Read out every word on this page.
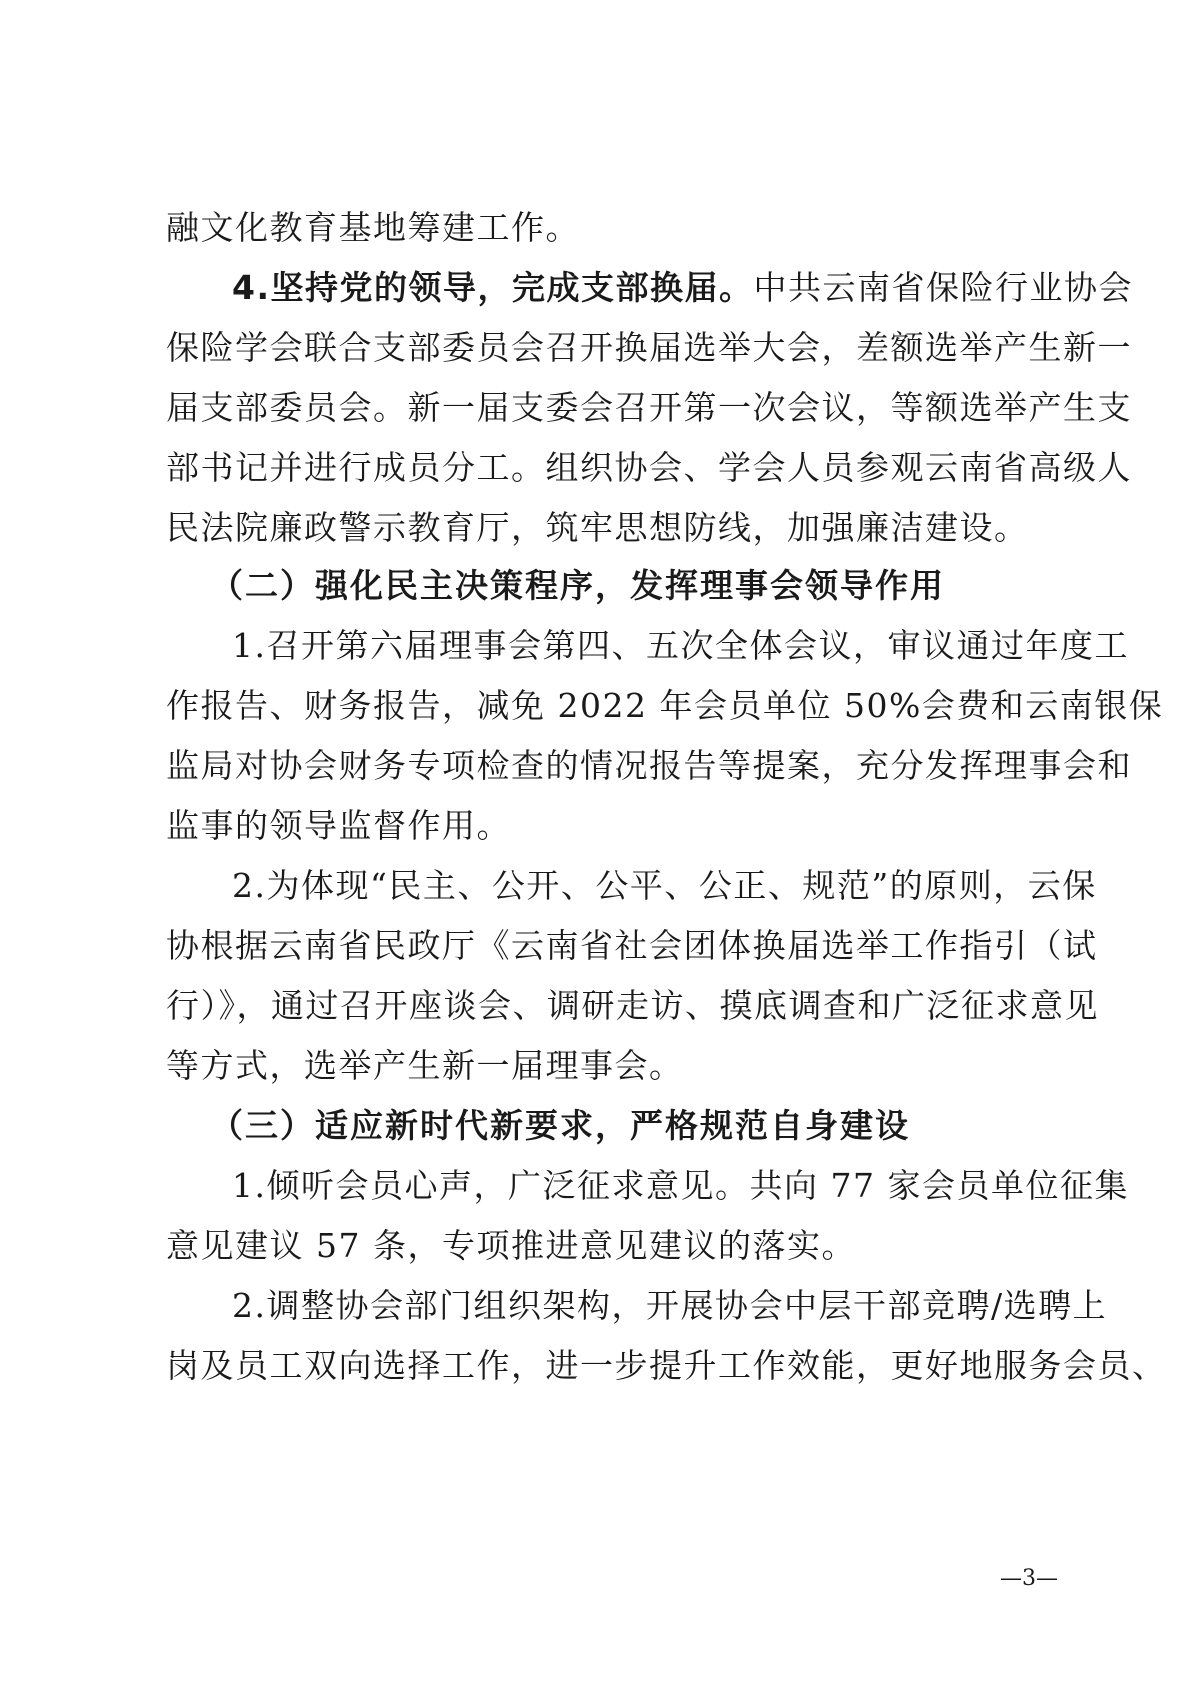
融文化教育基地筹建工作。
4.坚持党的领导，完成支部换届。中共云南省保险行业协会
保险学会联合支部委员会召开换届选举大会，差额选举产生新一
届支部委员会。新一届支委会召开第一次会议，等额选举产生支
部书记并进行成员分工。组织协会、学会人员参观云南省高级人
民法院廉政警示教育厅，筑牢思想防线，加强廉洁建设。
（二）强化民主决策程序，发挥理事会领导作用
1.召开第六届理事会第四、五次全体会议，审议通过年度工
作报告、财务报告，减免 2022 年会员单位 50%会费和云南银保
监局对协会财务专项检查的情况报告等提案，充分发挥理事会和
监事的领导监督作用。
2.为体现“民主、公开、公平、公正、规范”的原则，云保
协根据云南省民政厅《云南省社会团体换届选举工作指引（试
行）》，通过召开座谈会、调研走访、摸底调查和广泛征求意见
等方式，选举产生新一届理事会。
（三）适应新时代新要求，严格规范自身建设
1.倾听会员心声，广泛征求意见。共向 77 家会员单位征集
意见建议 57 条，专项推进意见建议的落实。
2.调整协会部门组织架构，开展协会中层干部竞聘/选聘上
岗及员工双向选择工作，进一步提升工作效能，更好地服务会员、
—3—
